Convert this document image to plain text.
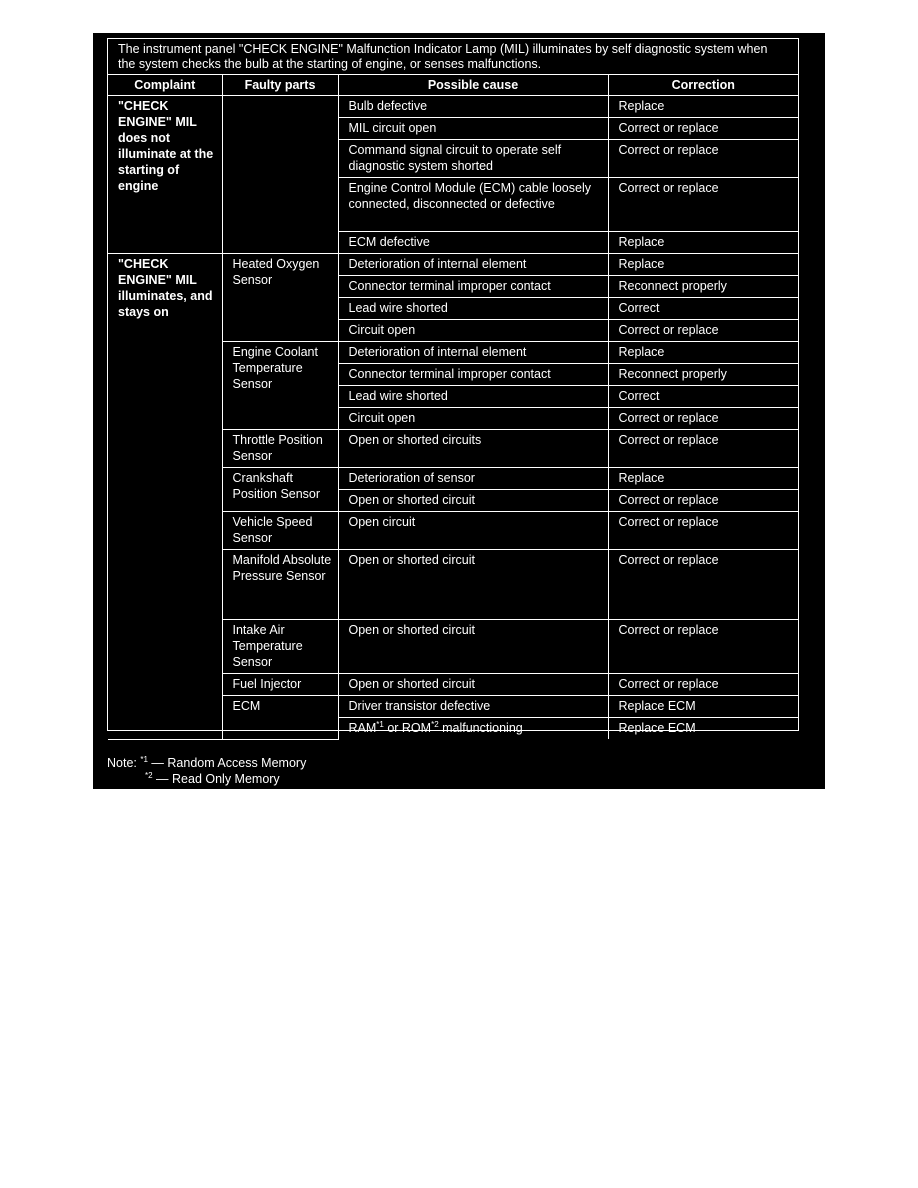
The instrument panel "CHECK ENGINE" Malfunction Indicator Lamp (MIL) illuminates by self diagnostic system when the system checks the bulb at the starting of engine, or senses malfunctions.
Complaint	Faulty parts	Possible cause	Correction
"CHECK ENGINE" MIL does not illuminate at the starting of engine		Bulb defective	Replace
		MIL circuit open	Correct or replace
		Command signal circuit to operate self diagnostic system shorted	Correct or replace
		Engine Control Module (ECM) cable loosely connected, disconnected or defective	Correct or replace
		ECM defective	Replace
"CHECK ENGINE" MIL illuminates, and stays on	Heated Oxygen Sensor	Deterioration of internal element	Replace
		Connector terminal improper contact	Reconnect properly
		Lead wire shorted	Correct
		Circuit open	Correct or replace
	Engine Coolant Temperature Sensor	Deterioration of internal element	Replace
		Connector terminal improper contact	Reconnect properly
		Lead wire shorted	Correct
		Circuit open	Correct or replace
	Throttle Position Sensor	Open or shorted circuits	Correct or replace
	Crankshaft Position Sensor	Deterioration of sensor	Replace
		Open or shorted circuit	Correct or replace
	Vehicle Speed Sensor	Open circuit	Correct or replace
	Manifold Absolute Pressure Sensor	Open or shorted circuit	Correct or replace
	Intake Air Temperature Sensor	Open or shorted circuit	Correct or replace
	Fuel Injector	Open or shorted circuit	Correct or replace
	ECM	Driver transistor defective	Replace ECM
		RAM$^{*1}$ or ROM$^{*2}$ malfunctioning	Replace ECM
Note: $^{*1}$ — Random Access Memory
$^{*2}$ — Read Only Memory
